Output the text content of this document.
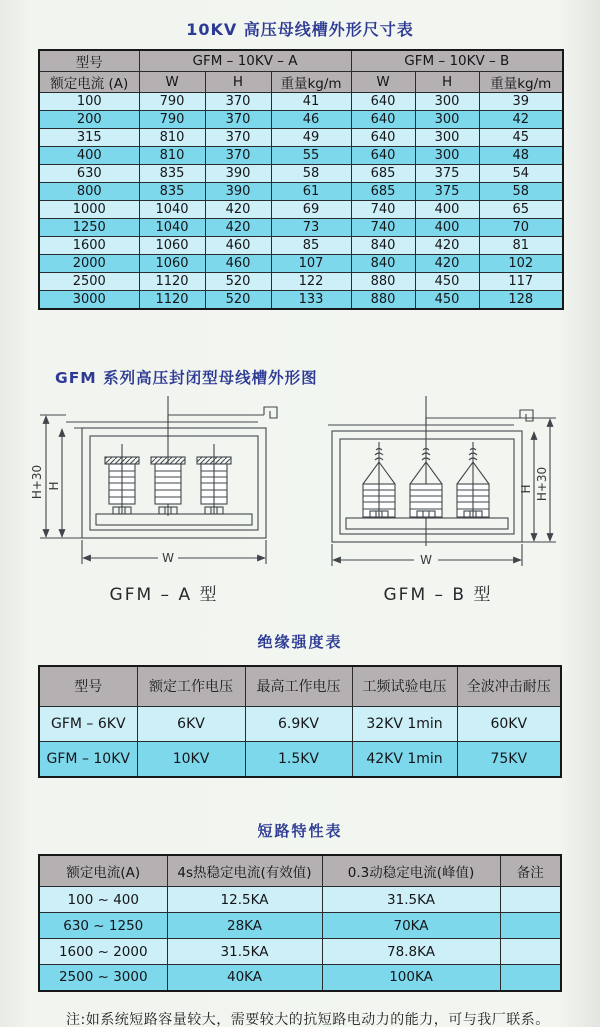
10KV 高压母线槽外形尺寸表
型号	GFM – 10KV – A			GFM – 10KV – B		
额定电流 (A)	W	H	重量kg/m	W	H	重量kg/m
100	790	370	41	640	300	39
200	790	370	46	640	300	42
315	810	370	49	640	300	45
400	810	370	55	640	300	48
630	835	390	58	685	375	54
800	835	390	61	685	375	58
1000	1040	420	69	740	400	65
1250	1040	420	73	740	400	70
1600	1060	460	85	840	420	81
2000	1060	460	107	840	420	102
2500	1120	520	122	880	450	117
3000	1120	520	133	880	450	128
GFM 系列高压封闭型母线槽外形图
H+30 H
W
GFM – A 型
H H+30
W
GFM – B 型
绝缘强度表
型号	额定工作电压	最高工作电压	工频试验电压	全波冲击耐压
GFM – 6KV	6KV	6.9KV	32KV 1min	60KV
GFM – 10KV	10KV	1.5KV	42KV 1min	75KV
短路特性表
额定电流(A)	4s热稳定电流(有效值)	0.3动稳定电流(峰值)	备注
100 ~ 400	12.5KA	31.5KA	
630 ~ 1250	28KA	70KA	
1600 ~ 2000	31.5KA	78.8KA	
2500 ~ 3000	40KA	100KA	
注:如系统短路容量较大，需要较大的抗短路电动力的能力，可与我厂联系。
